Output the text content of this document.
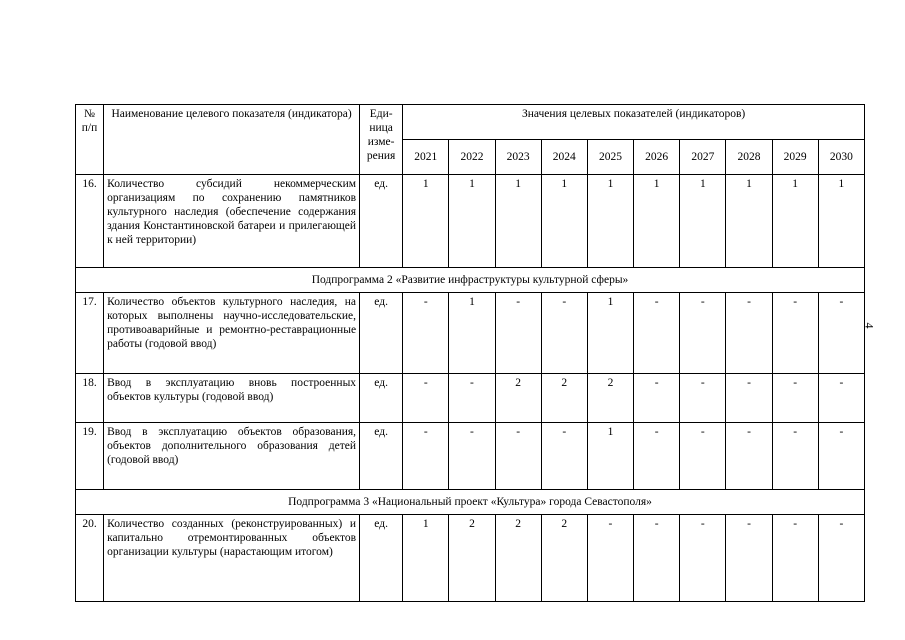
№ п/п	Наименование целевого показателя (индикатора)	Еди-ница изме-рения	Значения целевых показателей (индикаторов)									
			2021	2022	2023	2024	2025	2026	2027	2028	2029	2030
16.	Количество субсидий некоммерческим организациям по сохранению памятников культурного наследия (обеспечение содержания здания Константиновской батареи и прилегающей к ней территории)	ед.	1	1	1	1	1	1	1	1	1	1
Подпрограмма 2 «Развитие инфраструктуры культурной сферы»												
17.	Количество объектов культурного наследия, на которых выполнены научно-исследовательские, противоаварийные и ремонтно-реставрационные работы (годовой ввод)	ед.	-	1	-	-	1	-	-	-	-	-
18.	Ввод в эксплуатацию вновь построенных объектов культуры (годовой ввод)	ед.	-	-	2	2	2	-	-	-	-	-
19.	Ввод в эксплуатацию объектов образования, объектов дополнительного образования детей (годовой ввод)	ед.	-	-	-	-	1	-	-	-	-	-
Подпрограмма 3 «Национальный проект «Культура» города Севастополя»												
20.	Количество созданных (реконструированных) и капитально отремонтированных объектов организации культуры (нарастающим итогом)	ед.	1	2	2	2	-	-	-	-	-	-
4
